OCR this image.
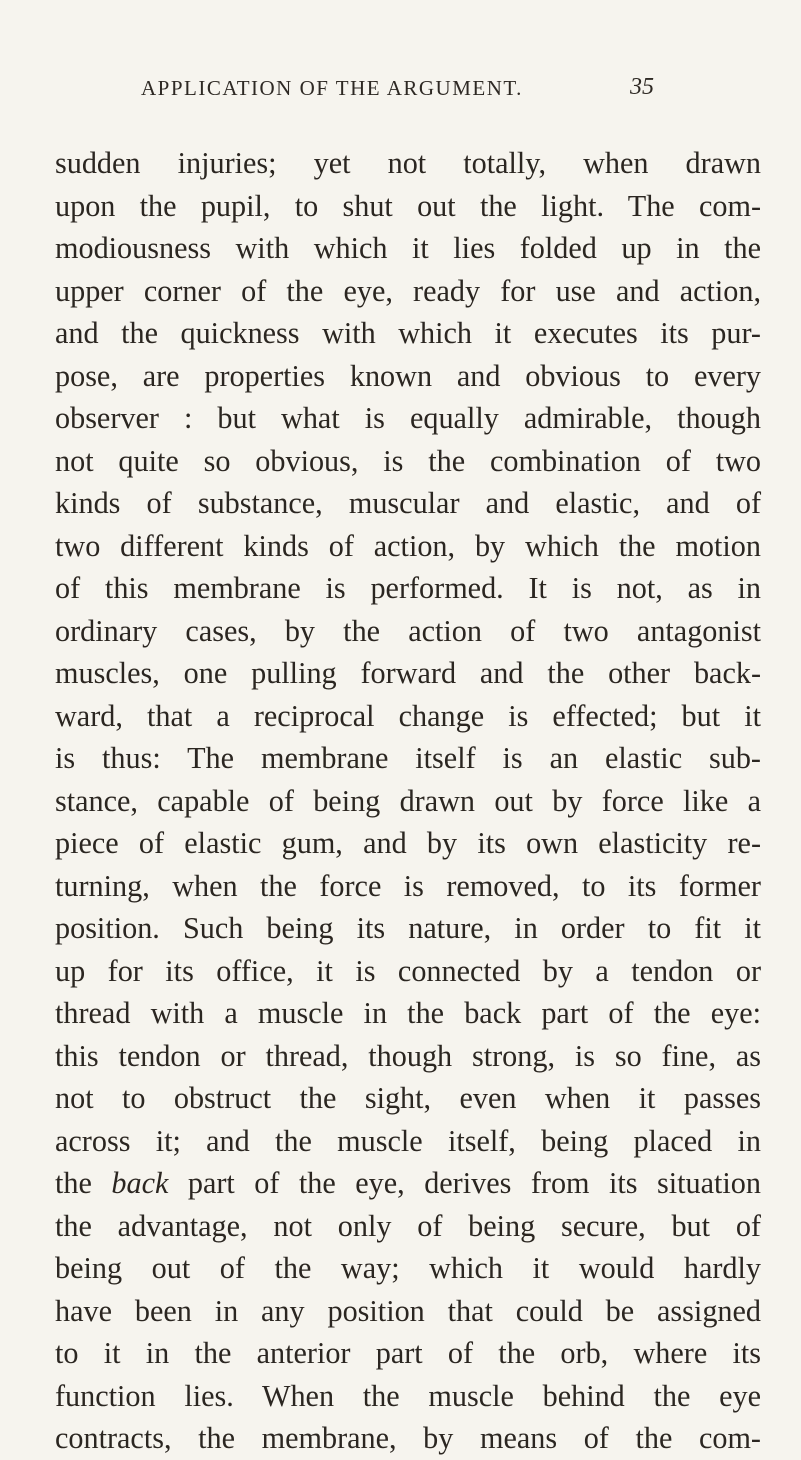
APPLICATION OF THE ARGUMENT.	35
sudden injuries; yet not totally, when drawn
upon the pupil, to shut out the light. The com-
modiousness with which it lies folded up in the
upper corner of the eye, ready for use and action,
and the quickness with which it executes its pur-
pose, are properties known and obvious to every
observer : but what is equally admirable, though
not quite so obvious, is the combination of two
kinds of substance, muscular and elastic, and of
two different kinds of action, by which the motion
of this membrane is performed. It is not, as in
ordinary cases, by the action of two antagonist
muscles, one pulling forward and the other back-
ward, that a reciprocal change is effected; but it
is thus: The membrane itself is an elastic sub-
stance, capable of being drawn out by force like a
piece of elastic gum, and by its own elasticity re-
turning, when the force is removed, to its former
position. Such being its nature, in order to fit it
up for its office, it is connected by a tendon or
thread with a muscle in the back part of the eye:
this tendon or thread, though strong, is so fine, as
not to obstruct the sight, even when it passes
across it; and the muscle itself, being placed in
the back part of the eye, derives from its situation
the advantage, not only of being secure, but of
being out of the way; which it would hardly
have been in any position that could be assigned
to it in the anterior part of the orb, where its
function lies. When the muscle behind the eye
contracts, the membrane, by means of the com-
